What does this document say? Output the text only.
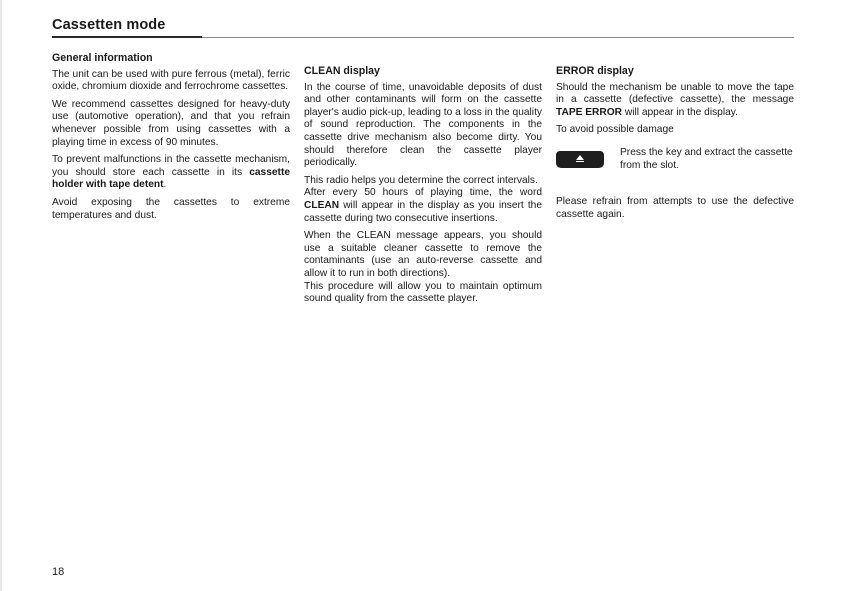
Cassetten mode
General information

The unit can be used with pure ferrous (metal), ferric oxide, chromium dioxide and ferrochrome cassettes.

We recommend cassettes designed for heavy-duty use (automotive operation), and that you refrain whenever possible from using cassettes with a playing time in excess of 90 minutes.

To prevent malfunctions in the cassette mechanism, you should store each cassette in its cassette holder with tape detent.

Avoid exposing the cassettes to extreme temperatures and dust.

CLEAN display

In the course of time, unavoidable deposits of dust and other contaminants will form on the cassette player's audio pick-up, leading to a loss in the quality of sound reproduction. The components in the cassette drive mechanism also become dirty. You should therefore clean the cassette player periodically.

This radio helps you determine the correct intervals.

After every 50 hours of playing time, the word CLEAN will appear in the display as you insert the cassette during two consecutive insertions.

When the CLEAN message appears, you should use a suitable cleaner cassette to remove the contaminants (use an auto-reverse cassette and allow it to run in both directions).

This procedure will allow you to maintain optimum sound quality from the cassette player.

ERROR display

Should the mechanism be unable to move the tape in a cassette (defective cassette), the message TAPE ERROR will appear in the display.

To avoid possible damage

Press the key and extract the cassette from the slot.

Please refrain from attempts to use the defective cassette again.

18
